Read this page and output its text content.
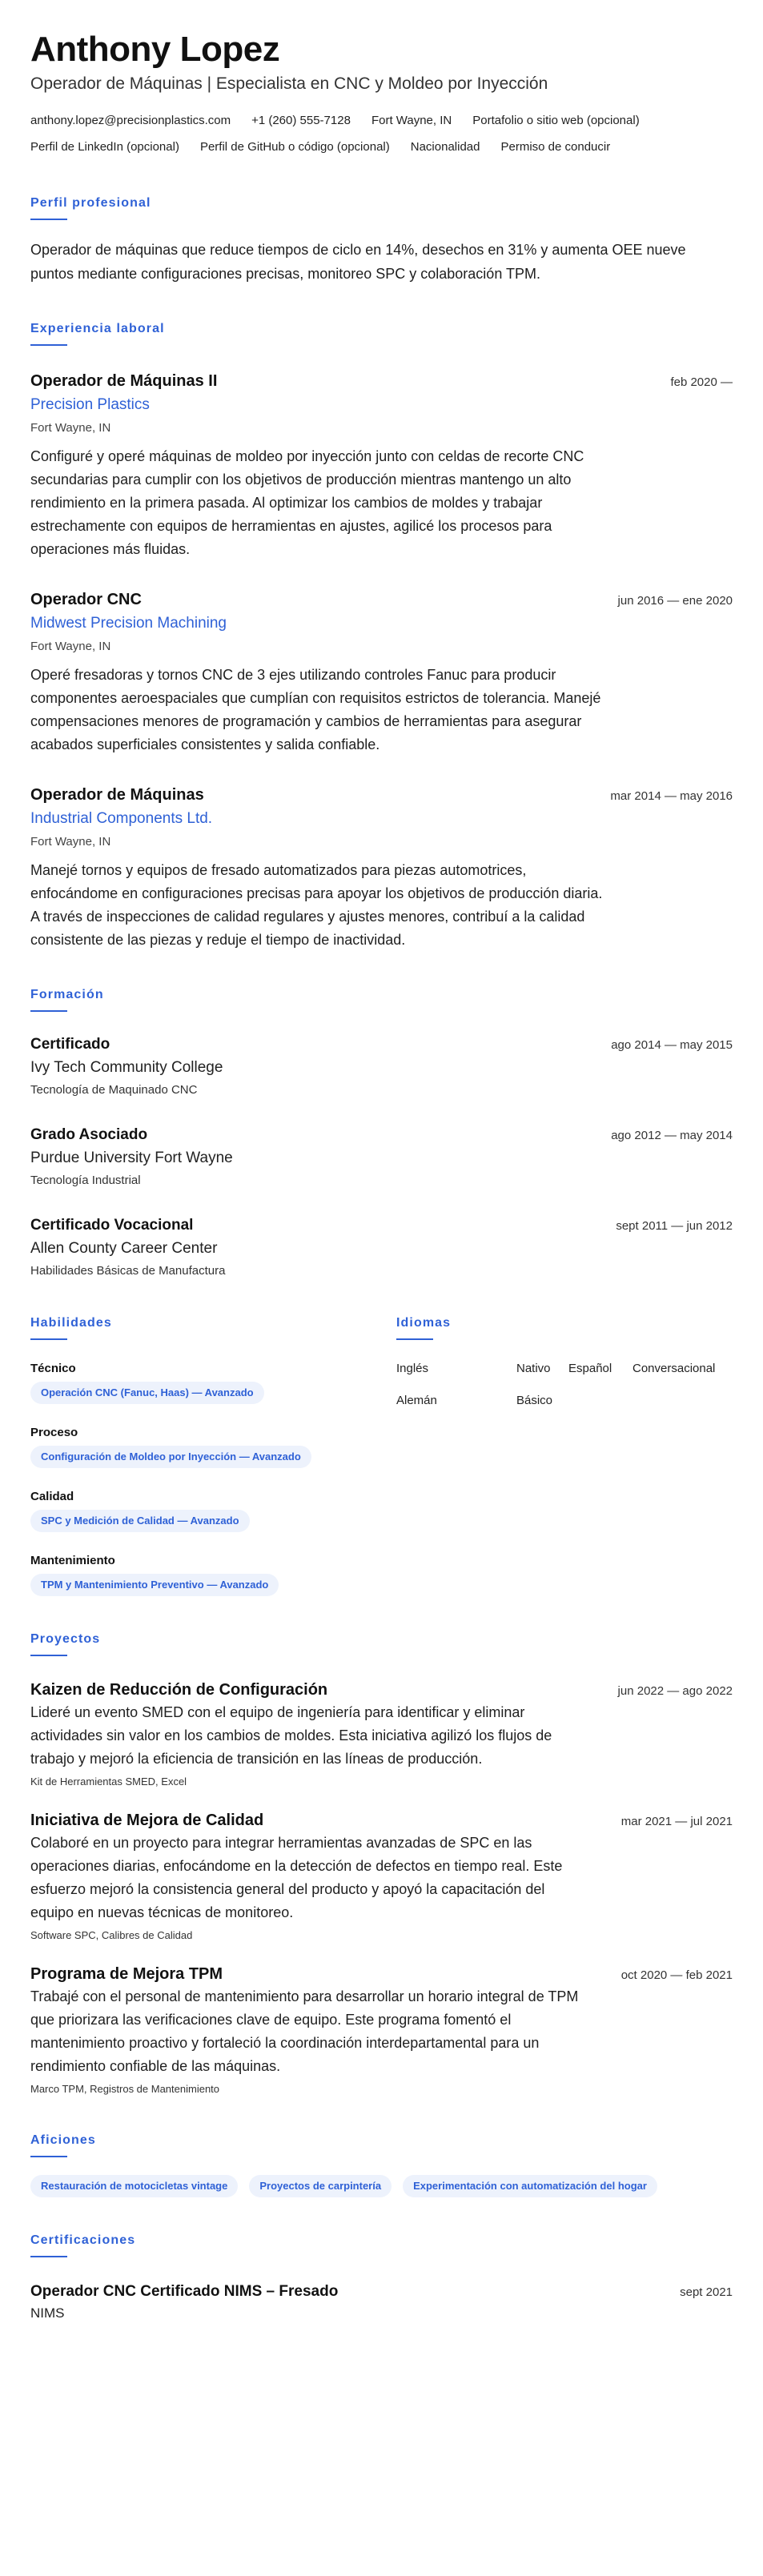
Anthony Lopez
Operador de Máquinas | Especialista en CNC y Moldeo por Inyección
anthony.lopez@precisionplastics.com +1 (260) 555-7128 Fort Wayne, IN Portafolio o sitio web (opcional)
Perfil de LinkedIn (opcional) Perfil de GitHub o código (opcional) Nacionalidad Permiso de conducir
Perfil profesional

Operador de máquinas que reduce tiempos de ciclo en 14%, desechos en 31% y aumenta OEE nueve puntos mediante configuraciones precisas, monitoreo SPC y colaboración TPM.

Experiencia laboral
Operador de Máquinas II	feb 2020 —
Precision Plastics
Fort Wayne, IN

Configuré y operé máquinas de moldeo por inyección junto con celdas de recorte CNC secundarias para cumplir con los objetivos de producción mientras mantengo un alto rendimiento en la primera pasada. Al optimizar los cambios de moldes y trabajar estrechamente con equipos de herramientas en ajustes, agilicé los procesos para operaciones más fluidas.

Operador CNC	jun 2016 — ene 2020
Midwest Precision Machining
Fort Wayne, IN

Operé fresadoras y tornos CNC de 3 ejes utilizando controles Fanuc para producir componentes aeroespaciales que cumplían con requisitos estrictos de tolerancia. Manejé compensaciones menores de programación y cambios de herramientas para asegurar acabados superficiales consistentes y salida confiable.

Operador de Máquinas	mar 2014 — may 2016
Industrial Components Ltd.
Fort Wayne, IN

Manejé tornos y equipos de fresado automatizados para piezas automotrices, enfocándome en configuraciones precisas para apoyar los objetivos de producción diaria. A través de inspecciones de calidad regulares y ajustes menores, contribuí a la calidad consistente de las piezas y reduje el tiempo de inactividad.

Formación
Certificado	ago 2014 — may 2015
Ivy Tech Community College
Tecnología de Maquinado CNC
Grado Asociado	ago 2012 — may 2014
Purdue University Fort Wayne
Tecnología Industrial
Certificado Vocacional	sept 2011 — jun 2012
Allen County Career Center
Habilidades Básicas de Manufactura
Habilidades
Técnico
Operación CNC (Fanuc, Haas) — Avanzado
Proceso
Configuración de Moldeo por Inyección — Avanzado
Calidad
SPC y Medición de Calidad — Avanzado
Mantenimiento
TPM y Mantenimiento Preventivo — Avanzado
Idiomas
Inglés	Nativo	Español	Conversacional
Alemán	Básico
Proyectos
Kaizen de Reducción de Configuración	jun 2022 — ago 2022

Lideré un evento SMED con el equipo de ingeniería para identificar y eliminar actividades sin valor en los cambios de moldes. Esta iniciativa agilizó los flujos de trabajo y mejoró la eficiencia de transición en las líneas de producción.

Kit de Herramientas SMED, Excel
Iniciativa de Mejora de Calidad	mar 2021 — jul 2021

Colaboré en un proyecto para integrar herramientas avanzadas de SPC en las operaciones diarias, enfocándome en la detección de defectos en tiempo real. Este esfuerzo mejoró la consistencia general del producto y apoyó la capacitación del equipo en nuevas técnicas de monitoreo.

Software SPC, Calibres de Calidad
Programa de Mejora TPM	oct 2020 — feb 2021

Trabajé con el personal de mantenimiento para desarrollar un horario integral de TPM que priorizara las verificaciones clave de equipo. Este programa fomentó el mantenimiento proactivo y fortaleció la coordinación interdepartamental para un rendimiento confiable de las máquinas.

Marco TPM, Registros de Mantenimiento
Aficiones
Restauración de motocicletas vintage	Proyectos de carpintería	Experimentación con automatización del hogar
Certificaciones
Operador CNC Certificado NIMS – Fresado	sept 2021
NIMS
